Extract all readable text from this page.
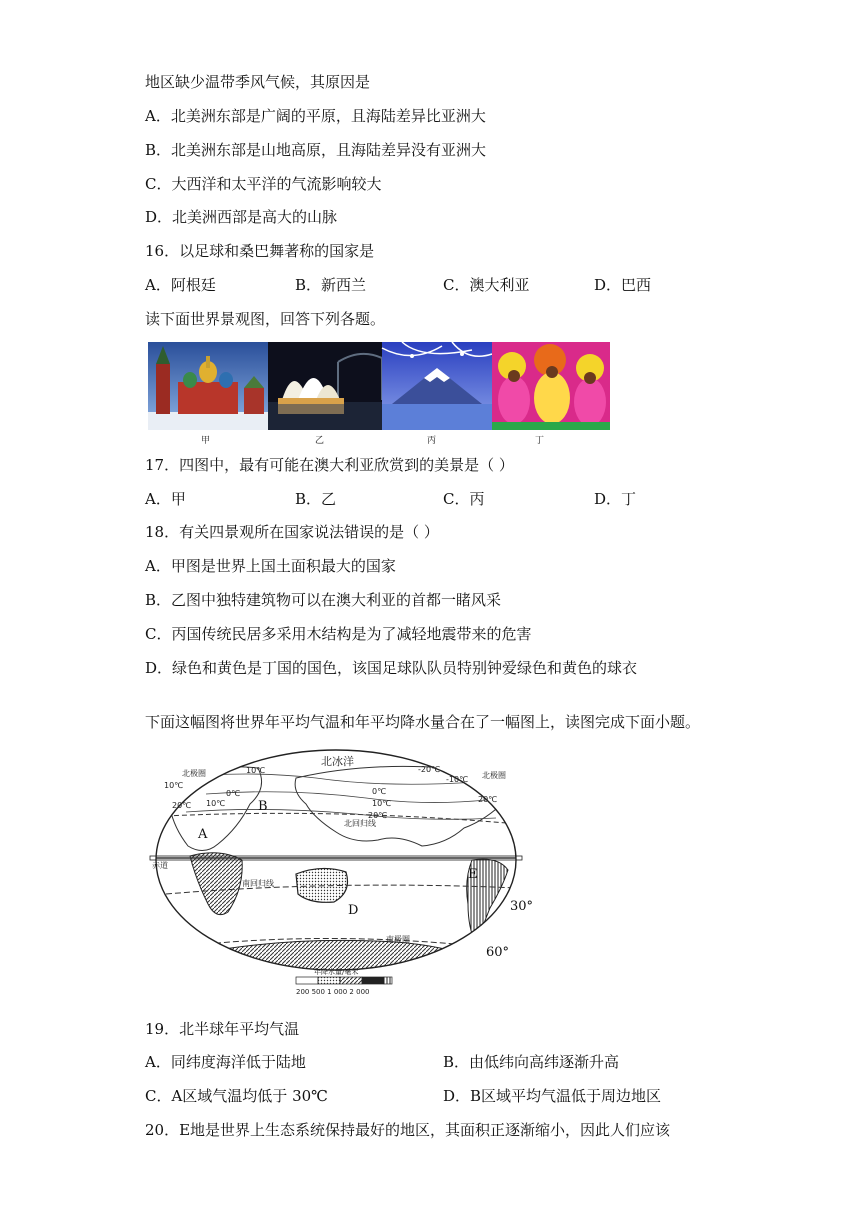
地区缺少温带季风气候，其原因是
A．北美洲东部是广阔的平原，且海陆差异比亚洲大
B．北美洲东部是山地高原，且海陆差异没有亚洲大
C．大西洋和太平洋的气流影响较大
D．北美洲西部是高大的山脉
16．以足球和桑巴舞著称的国家是
A．阿根廷	B．新西兰	C．澳大利亚	D．巴西
读下面世界景观图，回答下列各题。
甲	乙	丙	丁
17．四图中，最有可能在澳大利亚欣赏到的美景是（ ）
A．甲	B．乙	C．丙	D．丁
18．有关四景观所在国家说法错误的是（ ）
A．甲图是世界上国土面积最大的国家
B．乙图中独特建筑物可以在澳大利亚的首都一睹风采
C．丙国传统民居多采用木结构是为了减轻地震带来的危害
D．绿色和黄色是丁国的国色，该国足球队队员特别钟爱绿色和黄色的球衣
下面这幅图将世界年平均气温和年平均降水量合在了一幅图上，读图完成下面小题。
北冰洋
北极圈	北极圈
北回归线
赤道
南回归线
南极圈
10℃
0℃
10℃	10℃
20℃
0℃
10℃
20℃
-10℃
20℃
-20℃
A
B
D
E
30°
60°
年降水量/毫米
200 500 1 000 2 000
19．北半球年平均气温
A．同纬度海洋低于陆地	B．由低纬向高纬逐渐升高
C．A区域气温均低于 30℃	D．B区域平均气温低于周边地区
20．E地是世界上生态系统保持最好的地区，其面积正逐渐缩小，因此人们应该
